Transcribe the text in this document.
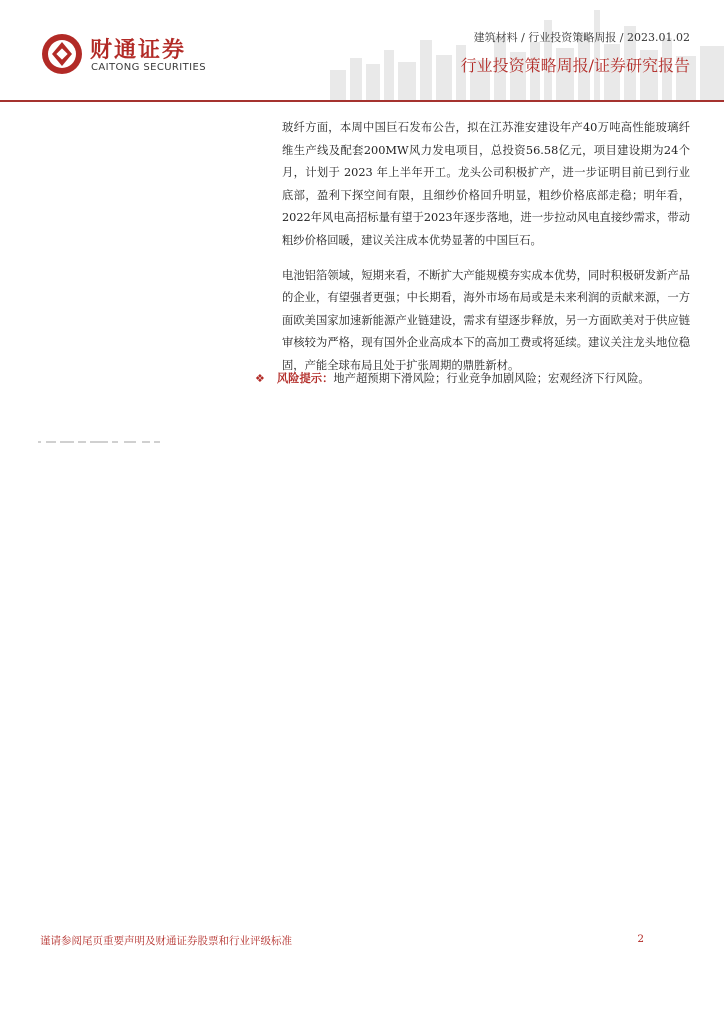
财通证券
CAITONG SECURITIES
建筑材料 / 行业投资策略周报 / 2023.01.02
行业投资策略周报/证券研究报告

玻纤方面，本周中国巨石发布公告，拟在江苏淮安建设年产40万吨高性能玻璃纤维生产线及配套200MW风力发电项目，总投资56.58亿元，项目建设期为24个月，计划于 2023 年上半年开工。龙头公司积极扩产，进一步证明目前已到行业底部，盈利下探空间有限，且细纱价格回升明显，粗纱价格底部走稳；明年看，2022年风电高招标量有望于2023年逐步落地，进一步拉动风电直接纱需求，带动粗纱价格回暖，建议关注成本优势显著的中国巨石。

电池铝箔领域，短期来看，不断扩大产能规模夯实成本优势，同时积极研发新产品的企业，有望强者更强；中长期看，海外市场布局或是未来利润的贡献来源，一方面欧美国家加速新能源产业链建设，需求有望逐步释放，另一方面欧美对于供应链审核较为严格，现有国外企业高成本下的高加工费或将延续。建议关注龙头地位稳固，产能全球布局且处于扩张周期的鼎胜新材。

❖ 风险提示：地产超预期下滑风险；行业竞争加剧风险；宏观经济下行风险。
谨请参阅尾页重要声明及财通证券股票和行业评级标准	2
